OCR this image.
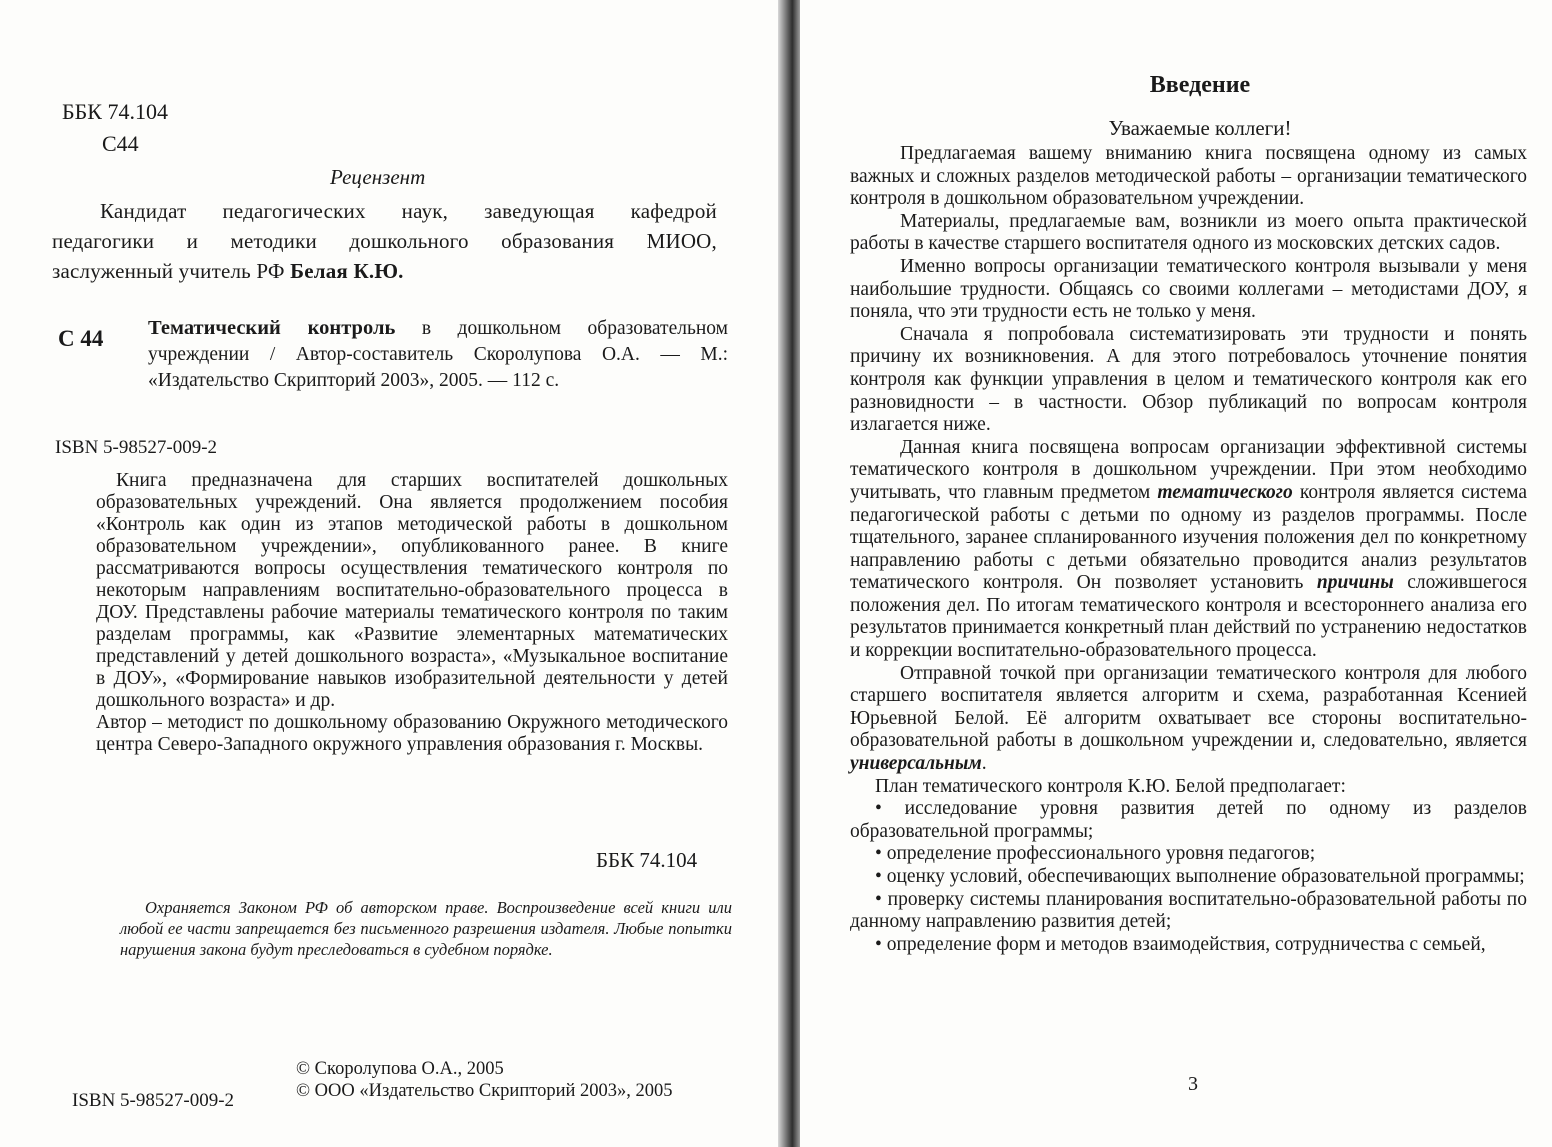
ББК 74.104
С44
Рецензент
Кандидат педагогических наук, заведующая кафедрой
педагогики и методики дошкольного образования МИОО,
заслуженный учитель РФ Белая К.Ю.
С 44 Тематический контроль в дошкольном образовательном
учреждении / Автор-составитель Скоролупова О.А. — М.:
«Издательство Скрипторий 2003», 2005. — 112 с.
ISBN 5-98527-009-2

Книга предназначена для старших воспитателей дошкольных образовательных учреждений. Она является продолжением пособия «Контроль как один из этапов методической работы в дошкольном образовательном учреждении», опубликованного ранее. В книге рассматриваются вопросы осуществления тематического контроля по некоторым направлениям воспитательно-образовательного процесса в ДОУ. Представлены рабочие материалы тематического контроля по таким разделам программы, как «Развитие элементарных математических представлений у детей дошкольного возраста», «Музыкальное воспитание в ДОУ», «Формирование навыков изобразительной деятельности у детей дошкольного возраста» и др.

Автор – методист по дошкольному образованию Окружного методического центра Северо-Западного окружного управления образования г. Москвы.

ББК 74.104
Охраняется Законом РФ об авторском праве. Воспроизведение всей книги или любой ее части запрещается без письменного разрешения издателя. Любые попытки нарушения закона будут преследоваться в судебном порядке.
ISBN 5-98527-009-2
© Скоролупова О.А., 2005
© ООО «Издательство Скрипторий 2003», 2005
Введение
Уважаемые коллеги!

Предлагаемая вашему вниманию книга посвящена одному из самых важных и сложных разделов методической работы – организации тематического контроля в дошкольном образовательном учреждении.

Материалы, предлагаемые вам, возникли из моего опыта практической работы в качестве старшего воспитателя одного из московских детских садов.

Именно вопросы организации тематического контроля вызывали у меня наибольшие трудности. Общаясь со своими коллегами – методистами ДОУ, я поняла, что эти трудности есть не только у меня.

Сначала я попробовала систематизировать эти трудности и понять причину их возникновения. А для этого потребовалось уточнение понятия контроля как функции управления в целом и тематического контроля как его разновидности – в частности. Обзор публикаций по вопросам контроля излагается ниже.

Данная книга посвящена вопросам организации эффективной системы тематического контроля в дошкольном учреждении. При этом необходимо учитывать, что главным предметом тематического контроля является система педагогической работы с детьми по одному из разделов программы. После тщательного, заранее спланированного изучения положения дел по конкретному направлению работы с детьми обязательно проводится анализ результатов тематического контроля. Он позволяет установить причины сложившегося положения дел. По итогам тематического контроля и всестороннего анализа его результатов принимается конкретный план действий по устранению недостатков и коррекции воспитательно-образовательного процесса.

Отправной точкой при организации тематического контроля для любого старшего воспитателя является алгоритм и схема, разработанная Ксенией Юрьевной Белой. Её алгоритм охватывает все стороны воспитательно-образовательной работы в дошкольном учреждении и, следовательно, является универсальным.

План тематического контроля К.Ю. Белой предполагает:

• исследование уровня развития детей по одному из разделов образовательной программы;

• определение профессионального уровня педагогов;

• оценку условий, обеспечивающих выполнение образовательной программы;

• проверку системы планирования воспитательно-образовательной работы по данному направлению развития детей;

• определение форм и методов взаимодействия, сотрудничества с семьей,

3
